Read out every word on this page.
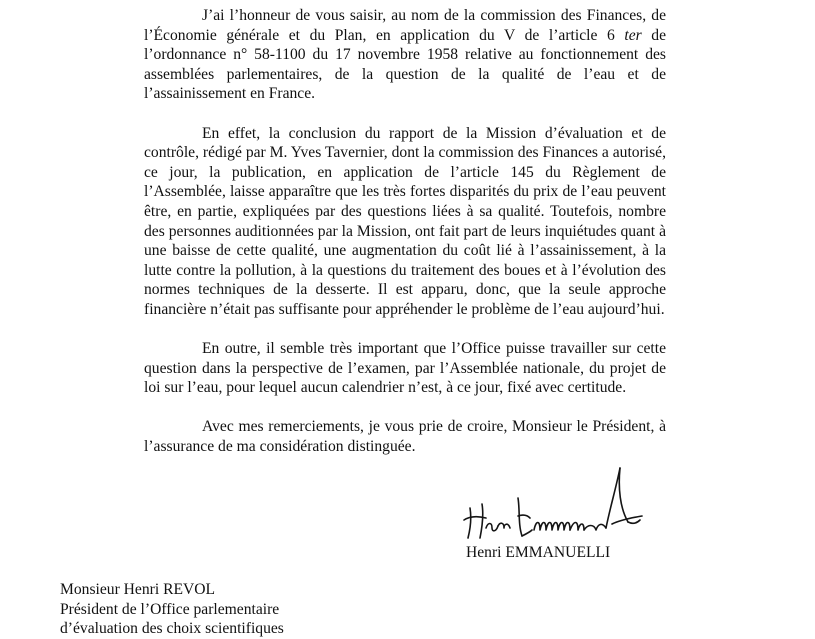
J’ai l’honneur de vous saisir, au nom de la commission des Finances, de l’Économie générale et du Plan, en application du V de l’article 6 ter de l’ordonnance n° 58-1100 du 17 novembre 1958 relative au fonctionnement des assemblées parlementaires, de la question de la qualité de l’eau et de l’assainissement en France.

En effet, la conclusion du rapport de la Mission d’évaluation et de contrôle, rédigé par M. Yves Tavernier, dont la commission des Finances a autorisé, ce jour, la publication, en application de l’article 145 du Règlement de l’Assemblée, laisse apparaître que les très fortes disparités du prix de l’eau peuvent être, en partie, expliquées par des questions liées à sa qualité. Toutefois, nombre des personnes auditionnées par la Mission, ont fait part de leurs inquiétudes quant à une baisse de cette qualité, une augmentation du coût lié à l’assainissement, à la lutte contre la pollution, à la questions du traitement des boues et à l’évolution des normes techniques de la desserte. Il est apparu, donc, que la seule approche financière n’était pas suffisante pour appréhender le problème de l’eau aujourd’hui.

En outre, il semble très important que l’Office puisse travailler sur cette question dans la perspective de l’examen, par l’Assemblée nationale, du projet de loi sur l’eau, pour lequel aucun calendrier n’est, à ce jour, fixé avec certitude.

Avec mes remerciements, je vous prie de croire, Monsieur le Président, à l’assurance de ma considération distinguée.

Henri EMMANUELLI
Monsieur Henri REVOL
Président de l’Office parlementaire
d’évaluation des choix scientifiques
